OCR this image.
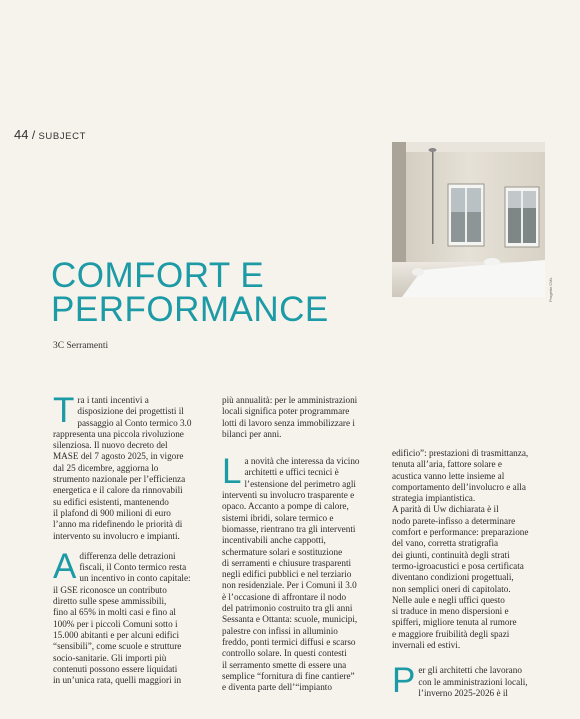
44 / SUBJECT
Progetto CML
COMFORT E
PERFORMANCE
3C Serramenti

T ra i tanti incentivi a
disposizione dei progettisti il
passaggio al Conto termico 3.0
rappresenta una piccola rivoluzione
silenziosa. Il nuovo decreto del
MASE del 7 agosto 2025, in vigore
dal 25 dicembre, aggiorna lo
strumento nazionale per l’efficienza
energetica e il calore da rinnovabili
su edifici esistenti, mantenendo
il plafond di 900 milioni di euro
l’anno ma ridefinendo le priorità di
intervento su involucro e impianti.

A differenza delle detrazioni
fiscali, il Conto termico resta
un incentivo in conto capitale:
il GSE riconosce un contributo
diretto sulle spese ammissibili,
fino al 65% in molti casi e fino al
100% per i piccoli Comuni sotto i
15.000 abitanti e per alcuni edifici
“sensibili”, come scuole e strutture
socio-sanitarie. Gli importi più
contenuti possono essere liquidati
in un’unica rata, quelli maggiori in

più annualità: per le amministrazioni
locali significa poter programmare
lotti di lavoro senza immobilizzare i
bilanci per anni.

L a novità che interessa da vicino
architetti e uffici tecnici è
l’estensione del perimetro agli
interventi su involucro trasparente e
opaco. Accanto a pompe di calore,
sistemi ibridi, solare termico e
biomasse, rientrano tra gli interventi
incentivabili anche cappotti,
schermature solari e sostituzione
di serramenti e chiusure trasparenti
negli edifici pubblici e nel terziario
non residenziale. Per i Comuni il 3.0
è l’occasione di affrontare il nodo
del patrimonio costruito tra gli anni
Sessanta e Ottanta: scuole, municipi,
palestre con infissi in alluminio
freddo, ponti termici diffusi e scarso
controllo solare. In questi contesti
il serramento smette di essere una
semplice “fornitura di fine cantiere”
e diventa parte dell’“impianto

edificio”: prestazioni di trasmittanza,
tenuta all’aria, fattore solare e
acustica vanno lette insieme al
comportamento dell’involucro e alla
strategia impiantistica.
A parità di Uw dichiarata è il
nodo parete-infisso a determinare
comfort e performance: preparazione
del vano, corretta stratigrafia
dei giunti, continuità degli strati
termo-igroacustici e posa certificata
diventano condizioni progettuali,
non semplici oneri di capitolato.
Nelle aule e negli uffici questo
si traduce in meno dispersioni e
spifferi, migliore tenuta al rumore
e maggiore fruibilità degli spazi
invernali ed estivi.

P er gli architetti che lavorano
con le amministrazioni locali,
l’inverno 2025-2026 è il
